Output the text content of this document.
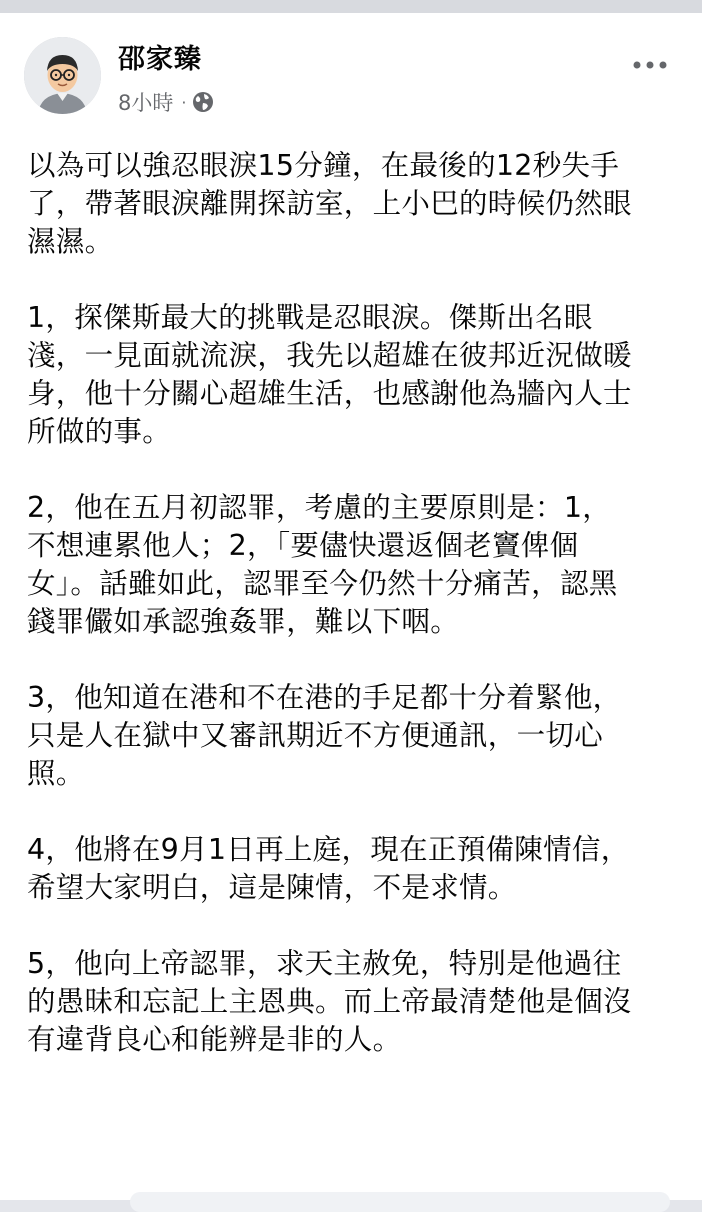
邵家臻
8小時 ·

以為可以強忍眼淚15分鐘，在最後的12秒失手
了，帶著眼淚離開探訪室，上小巴的時候仍然眼
濕濕。

1，探傑斯最大的挑戰是忍眼淚。傑斯出名眼
淺，一見面就流淚，我先以超雄在彼邦近況做暖
身，他十分關心超雄生活，也感謝他為牆內人士
所做的事。

2，他在五月初認罪，考慮的主要原則是：1，
不想連累他人；2，「要儘快還返個老竇俾個
女」。話雖如此，認罪至今仍然十分痛苦，認黑
錢罪儼如承認強姦罪，難以下咽。

3，他知道在港和不在港的手足都十分着緊他，
只是人在獄中又審訊期近不方便通訊，一切心
照。

4，他將在9月1日再上庭，現在正預備陳情信，
希望大家明白，這是陳情，不是求情。

5，他向上帝認罪，求天主赦免，特別是他過往
的愚昧和忘記上主恩典。而上帝最清楚他是個沒
有違背良心和能辨是非的人。
